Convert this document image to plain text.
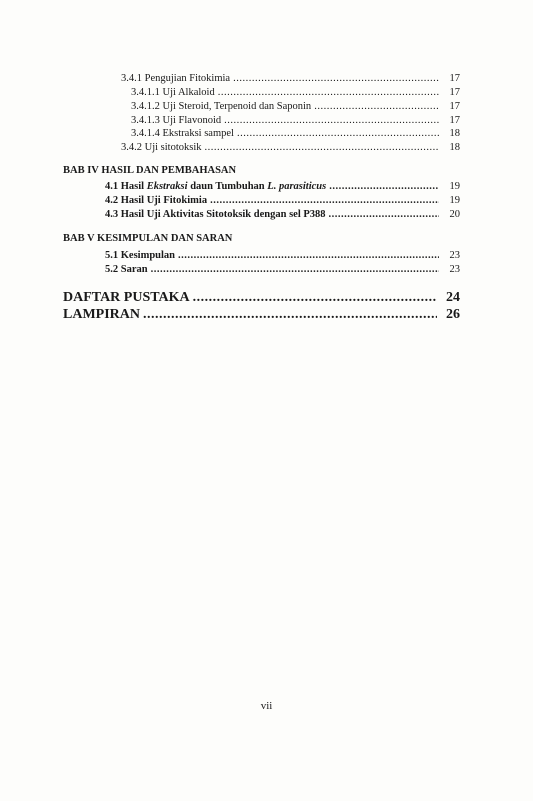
3.4.1 Pengujian Fitokimia .....	17
3.4.1.1 Uji Alkaloid .....	17
3.4.1.2 Uji Steroid, Terpenoid dan Saponin .....	17
3.4.1.3 Uji Flavonoid .....	17
3.4.1.4 Ekstraksi sampel .....	18
3.4.2 Uji sitotoksik .....	18
BAB IV HASIL DAN PEMBAHASAN
4.1 Hasil Ekstraksi daun Tumbuhan L. parasiticus .....	19
4.2 Hasil Uji Fitokimia .....	19
4.3 Hasil Uji Aktivitas Sitotoksik dengan sel P388 .....	20
BAB V KESIMPULAN DAN SARAN
5.1 Kesimpulan .....	23
5.2 Saran .....	23
DAFTAR PUSTAKA .....	24
LAMPIRAN .....	26
vii
